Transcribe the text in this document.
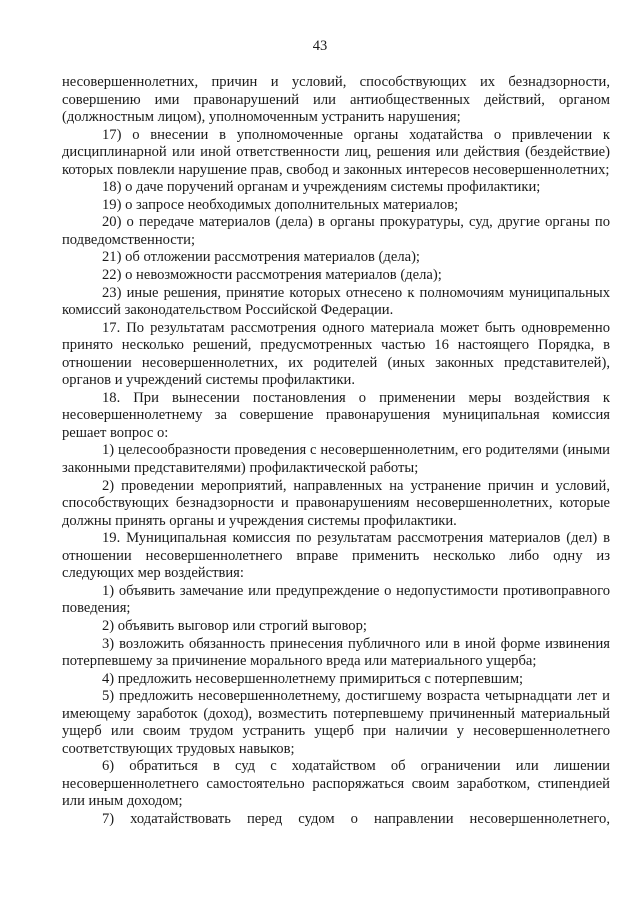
43

несовершеннолетних, причин и условий, способствующих их безнадзорности, совершению ими правонарушений или антиобщественных действий, органом (должностным лицом), уполномоченным устранить нарушения;

17) о внесении в уполномоченные органы ходатайства о привлечении к дисциплинарной или иной ответственности лиц, решения или действия (бездействие) которых повлекли нарушение прав, свобод и законных интересов несовершеннолетних;

18) о даче поручений органам и учреждениям системы профилактики;

19) о запросе необходимых дополнительных материалов;

20) о передаче материалов (дела) в органы прокуратуры, суд, другие органы по подведомственности;

21) об отложении рассмотрения материалов (дела);

22) о невозможности рассмотрения материалов (дела);

23) иные решения, принятие которых отнесено к полномочиям муниципальных комиссий законодательством Российской Федерации.

17. По результатам рассмотрения одного материала может быть одновременно принято несколько решений, предусмотренных частью 16 настоящего Порядка, в отношении несовершеннолетних, их родителей (иных законных представителей), органов и учреждений системы профилактики.

18. При вынесении постановления о применении меры воздействия к несовершеннолетнему за совершение правонарушения муниципальная комиссия решает вопрос о:

1) целесообразности проведения с несовершеннолетним, его родителями (иными законными представителями) профилактической работы;

2) проведении мероприятий, направленных на устранение причин и условий, способствующих безнадзорности и правонарушениям несовершеннолетних, которые должны принять органы и учреждения системы профилактики.

19. Муниципальная комиссия по результатам рассмотрения материалов (дел) в отношении несовершеннолетнего вправе применить несколько либо одну из следующих мер воздействия:

1) объявить замечание или предупреждение о недопустимости противоправного поведения;

2) объявить выговор или строгий выговор;

3) возложить обязанность принесения публичного или в иной форме извинения потерпевшему за причинение морального вреда или материального ущерба;

4) предложить несовершеннолетнему примириться с потерпевшим;

5) предложить несовершеннолетнему, достигшему возраста четырнадцати лет и имеющему заработок (доход), возместить потерпевшему причиненный материальный ущерб или своим трудом устранить ущерб при наличии у несовершеннолетнего соответствующих трудовых навыков;

6) обратиться в суд с ходатайством об ограничении или лишении несовершеннолетнего самостоятельно распоряжаться своим заработком, стипендией или иным доходом;

7) ходатайствовать перед судом о направлении несовершеннолетнего,
